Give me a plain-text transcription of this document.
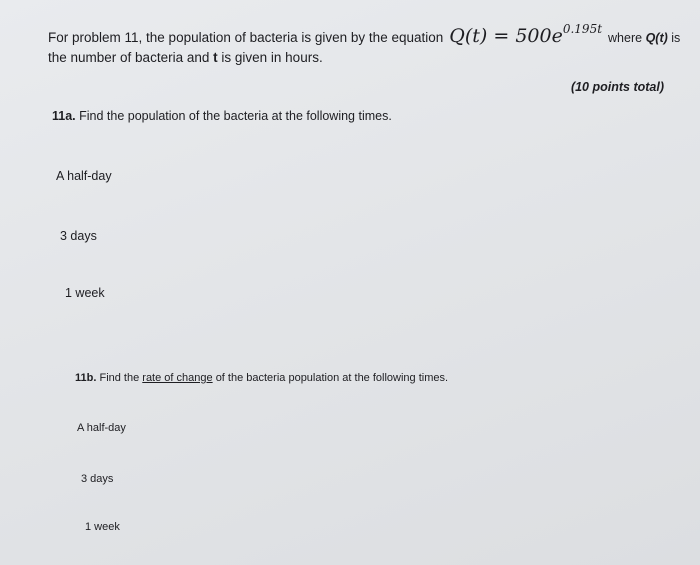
For problem 11, the population of bacteria is given by the equation $Q(t) = 500e^{0.195t}$
where Q(t) is
the number of bacteria and t is given in hours.
(10 points total)
11a. Find the population of the bacteria at the following times.
A half-day
3 days
1 week
11b. Find the rate of change of the bacteria population at the following times.
A half-day
3 days
1 week
